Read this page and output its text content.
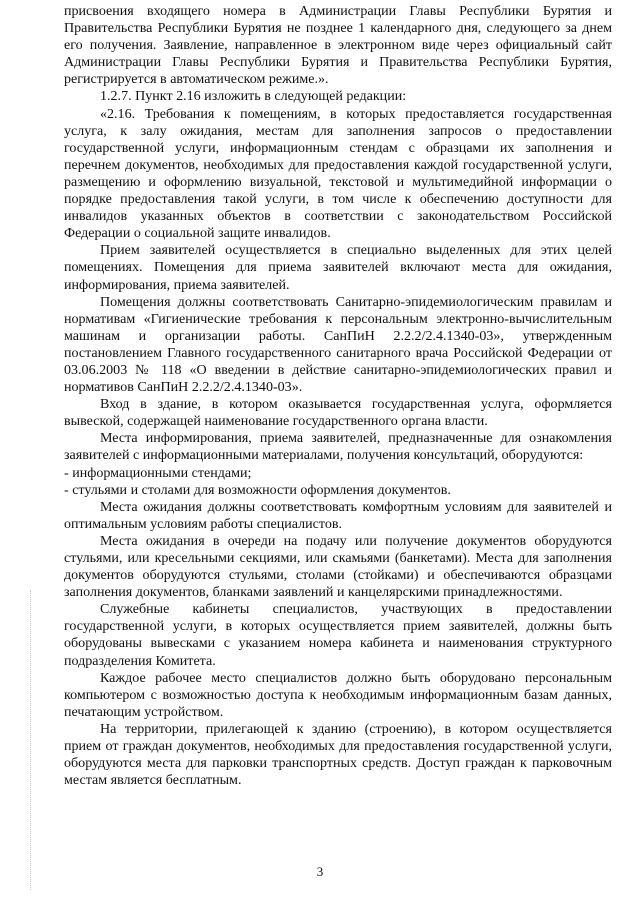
присвоения входящего номера в Администрации Главы Республики Бурятия и Правительства Республики Бурятия не позднее 1 календарного дня, следующего за днем его получения. Заявление, направленное в электронном виде через официальный сайт Администрации Главы Республики Бурятия и Правительства Республики Бурятия, регистрируется в автоматическом режиме.».

1.2.7. Пункт 2.16 изложить в следующей редакции:

«2.16. Требования к помещениям, в которых предоставляется государственная услуга, к залу ожидания, местам для заполнения запросов о предоставлении государственной услуги, информационным стендам с образцами их заполнения и перечнем документов, необходимых для предоставления каждой государственной услуги, размещению и оформлению визуальной, текстовой и мультимедийной информации о порядке предоставления такой услуги, в том числе к обеспечению доступности для инвалидов указанных объектов в соответствии с законодательством Российской Федерации о социальной защите инвалидов.

Прием заявителей осуществляется в специально выделенных для этих целей помещениях. Помещения для приема заявителей включают места для ожидания, информирования, приема заявителей.

Помещения должны соответствовать Санитарно-эпидемиологическим правилам и нормативам «Гигиенические требования к персональным электронно-вычислительным машинам и организации работы. СанПиН 2.2.2/2.4.1340-03», утвержденным постановлением Главного государственного санитарного врача Российской Федерации от 03.06.2003 № 118 «О введении в действие санитарно-эпидемиологических правил и нормативов СанПиН 2.2.2/2.4.1340-03».

Вход в здание, в котором оказывается государственная услуга, оформляется вывеской, содержащей наименование государственного органа власти.

Места информирования, приема заявителей, предназначенные для ознакомления заявителей с информационными материалами, получения консультаций, оборудуются:

- информационными стендами;

- стульями и столами для возможности оформления документов.

Места ожидания должны соответствовать комфортным условиям для заявителей и оптимальным условиям работы специалистов.

Места ожидания в очереди на подачу или получение документов оборудуются стульями, или кресельными секциями, или скамьями (банкетами). Места для заполнения документов оборудуются стульями, столами (стойками) и обеспечиваются образцами заполнения документов, бланками заявлений и канцелярскими принадлежностями.

Служебные кабинеты специалистов, участвующих в предоставлении государственной услуги, в которых осуществляется прием заявителей, должны быть оборудованы вывесками с указанием номера кабинета и наименования структурного подразделения Комитета.

Каждое рабочее место специалистов должно быть оборудовано персональным компьютером с возможностью доступа к необходимым информационным базам данных, печатающим устройством.

На территории, прилегающей к зданию (строению), в котором осуществляется прием от граждан документов, необходимых для предоставления государственной услуги, оборудуются места для парковки транспортных средств. Доступ граждан к парковочным местам является бесплатным.

3
